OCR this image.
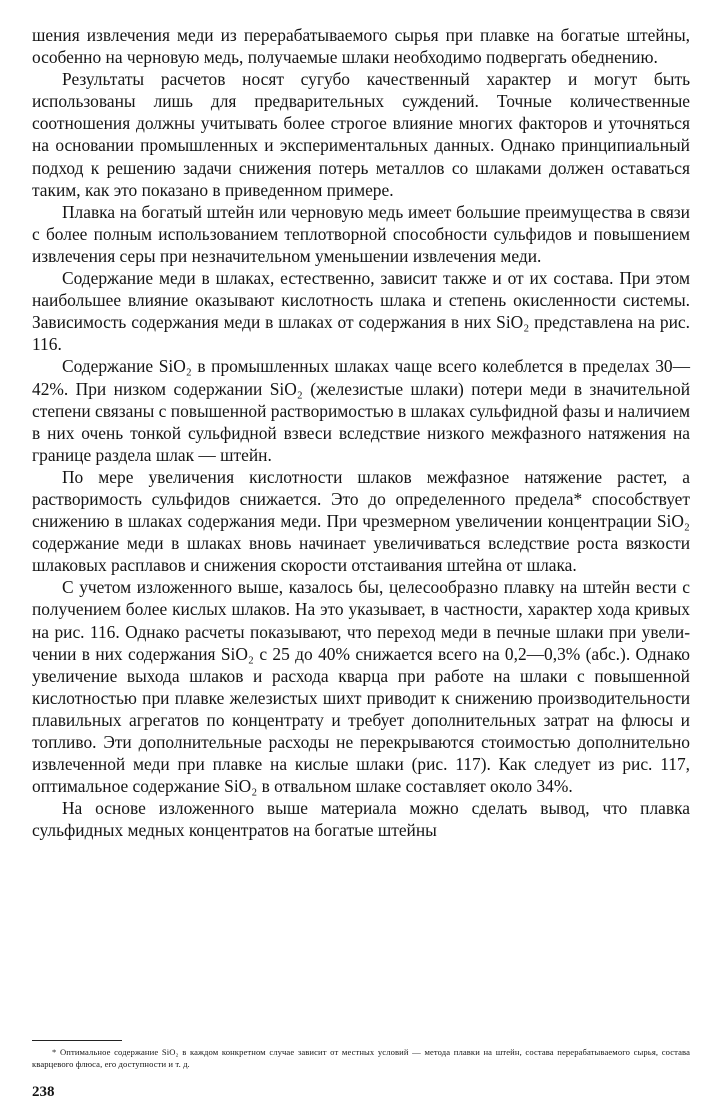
шения извлечения меди из перерабатываемого сырья при плавке на богатые штейны, особенно на черновую медь, получаемые шлаки необходимо подвергать обеднению.

Результаты расчетов носят сугубо качественный характер и могут быть использованы лишь для предварительных суждений. Точные количественные соотношения должны учитывать более строгое влияние многих факторов и уточняться на основании промышленных и экспериментальных данных. Однако принципиальный подход к решению задачи снижения потерь металлов со шлаками должен оставаться таким, как это показано в приведенном примере.

Плавка на богатый штейн или черновую медь имеет большие преимущества в связи с более полным использованием теплотворной способности сульфидов и повышением извлечения серы при незначительном уменьшении извлечения меди.

Содержание меди в шлаках, естественно, зависит также и от их состава. При этом наибольшее влияние оказывают кислотность шлака и степень окисленности системы. Зависимость содержания меди в шлаках от содержания в них SiO₂ представлена на рис. 116.

Содержание SiO₂ в промышленных шлаках чаще всего колеблется в пределах 30—42%. При низком содержании SiO₂ (железистые шлаки) потери меди в значительной степени связаны с повышенной растворимостью в шлаках сульфидной фазы и наличием в них очень тонкой сульфидной взвеси вследствие низкого межфазного натяжения на границе раздела шлак — штейн.

По мере увеличения кислотности шлаков межфазное натяжение растет, а растворимость сульфидов снижается. Это до определенного предела* способствует снижению в шлаках содержания меди. При чрезмерном увеличении концентрации SiO₂ содержание меди в шлаках вновь начинает увеличиваться вследствие роста вязкости шлаковых расплавов и снижения скорости отстаивания штейна от шлака.

С учетом изложенного выше, казалось бы, целесообразно плавку на штейн вести с получением более кислых шлаков. На это указывает, в частности, характер хода кривых на рис. 116. Однако расчеты показывают, что переход меди в печные шлаки при увеличении в них содержания SiO₂ с 25 до 40% снижается всего на 0,2—0,3% (абс.). Однако увеличение выхода шлаков и расхода кварца при работе на шлаки с повышенной кислотностью при плавке железистых шихт приводит к снижению производительности плавильных агрегатов по концентрату и требует дополнительных затрат на флюсы и топливо. Эти дополнительные расходы не перекрываются стоимостью дополнительно извлеченной меди при плавке на кислые шлаки (рис. 117). Как следует из рис. 117, оптимальное содержание SiO₂ в отвальном шлаке составляет около 34%.

На основе изложенного выше материала можно сделать вывод, что плавка сульфидных медных концентратов на богатые штейны

* Оптимальное содержание SiO₂ в каждом конкретном случае зависит от местных условий — метода плавки на штейн, состава перерабатываемого сырья, состава кварцевого флюса, его доступности и т. д.

238
